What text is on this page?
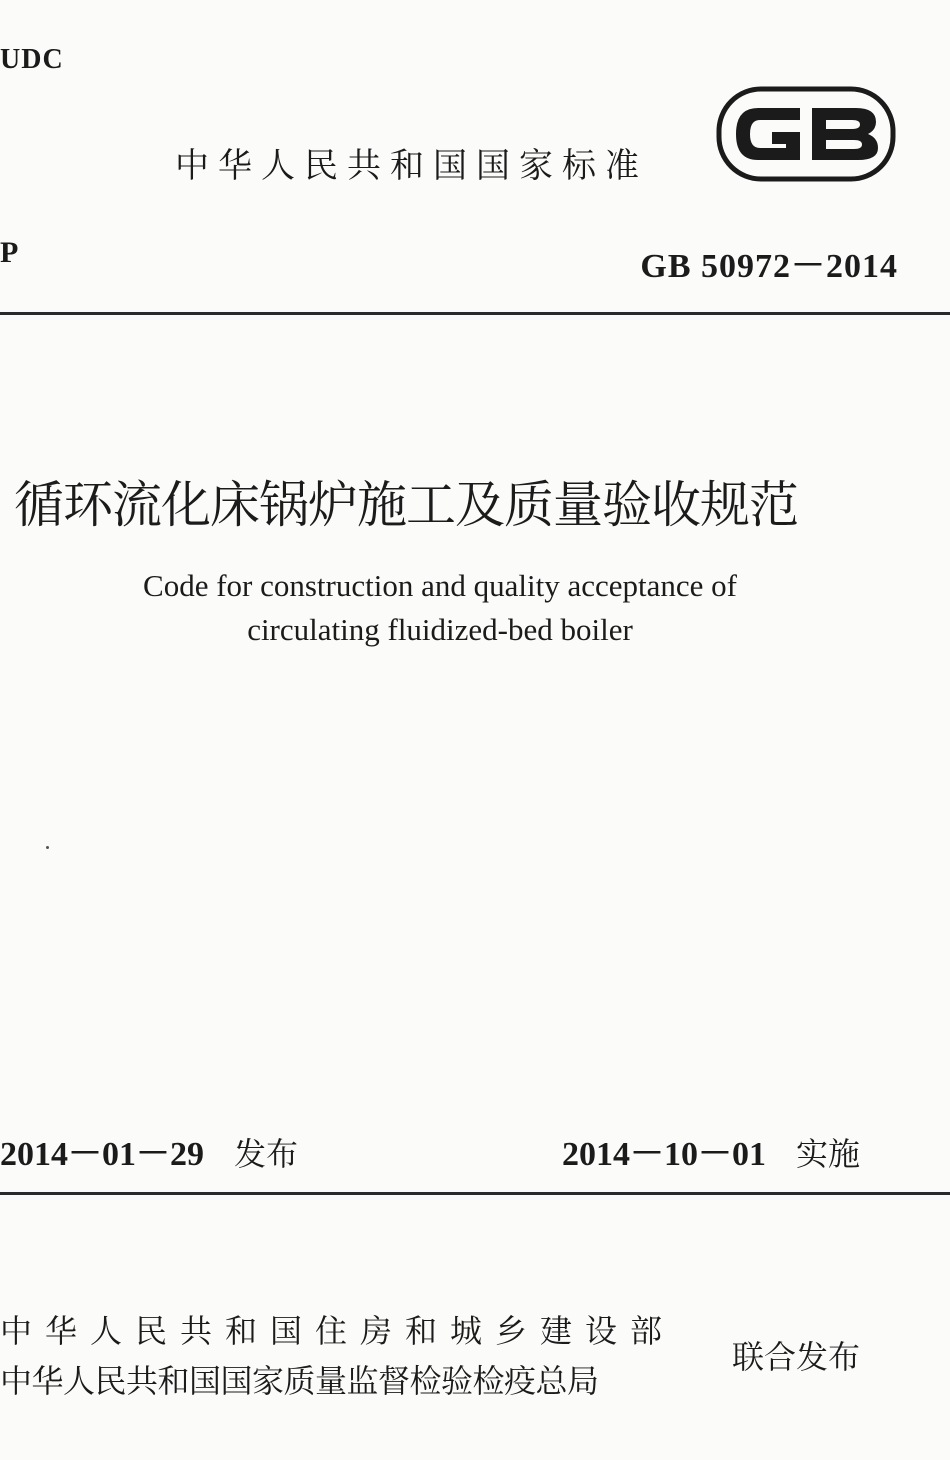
UDC
中华人民共和国国家标准
P	GB 50972－2014
循环流化床锅炉施工及质量验收规范
Code for construction and quality acceptance of
circulating fluidized-bed boiler
2014－01－29 发布	2014－10－01 实施
中华人民共和国住房和城乡建设部
中华人民共和国国家质量监督检验检疫总局
联合发布
